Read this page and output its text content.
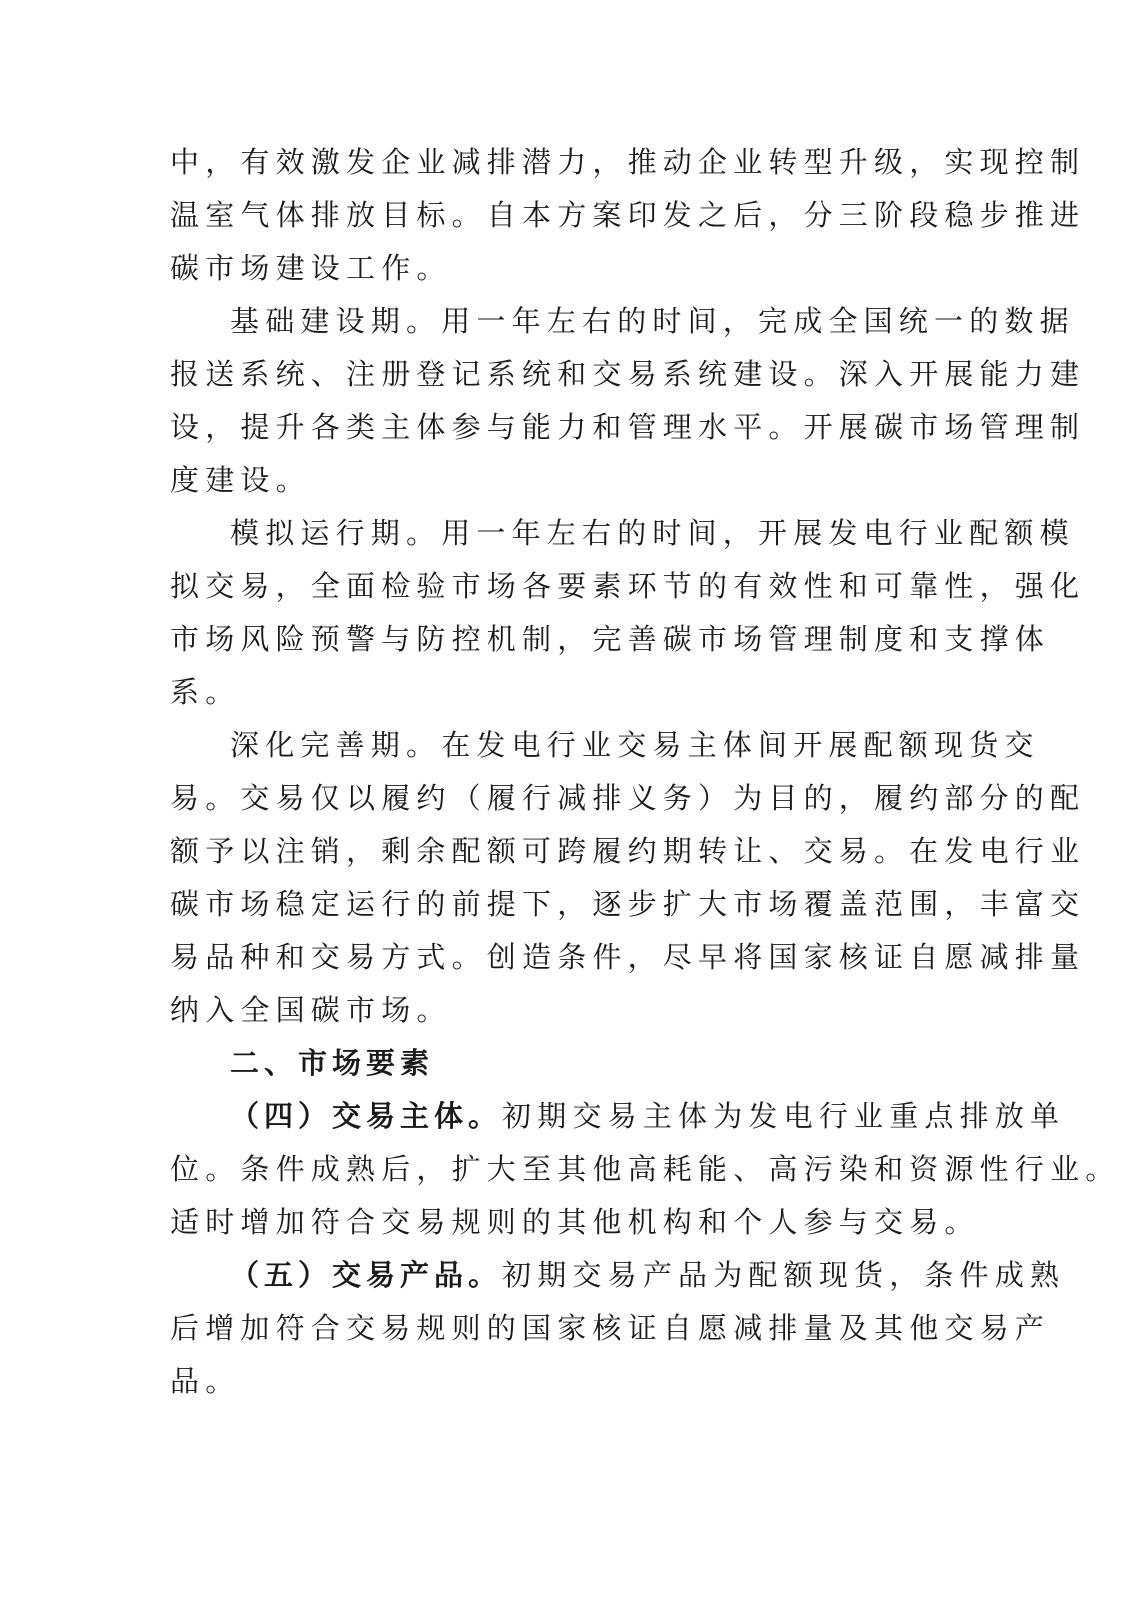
中，有效激发企业减排潜力，推动企业转型升级，实现控制
温室气体排放目标。自本方案印发之后，分三阶段稳步推进
碳市场建设工作。
基础建设期。用一年左右的时间，完成全国统一的数据
报送系统、注册登记系统和交易系统建设。深入开展能力建
设，提升各类主体参与能力和管理水平。开展碳市场管理制
度建设。
模拟运行期。用一年左右的时间，开展发电行业配额模
拟交易，全面检验市场各要素环节的有效性和可靠性，强化
市场风险预警与防控机制，完善碳市场管理制度和支撑体
系。
深化完善期。在发电行业交易主体间开展配额现货交
易。交易仅以履约（履行减排义务）为目的，履约部分的配
额予以注销，剩余配额可跨履约期转让、交易。在发电行业
碳市场稳定运行的前提下，逐步扩大市场覆盖范围，丰富交
易品种和交易方式。创造条件，尽早将国家核证自愿减排量
纳入全国碳市场。
二、市场要素
（四）交易主体。初期交易主体为发电行业重点排放单
位。条件成熟后，扩大至其他高耗能、高污染和资源性行业。
适时增加符合交易规则的其他机构和个人参与交易。
（五）交易产品。初期交易产品为配额现货，条件成熟
后增加符合交易规则的国家核证自愿减排量及其他交易产
品。
